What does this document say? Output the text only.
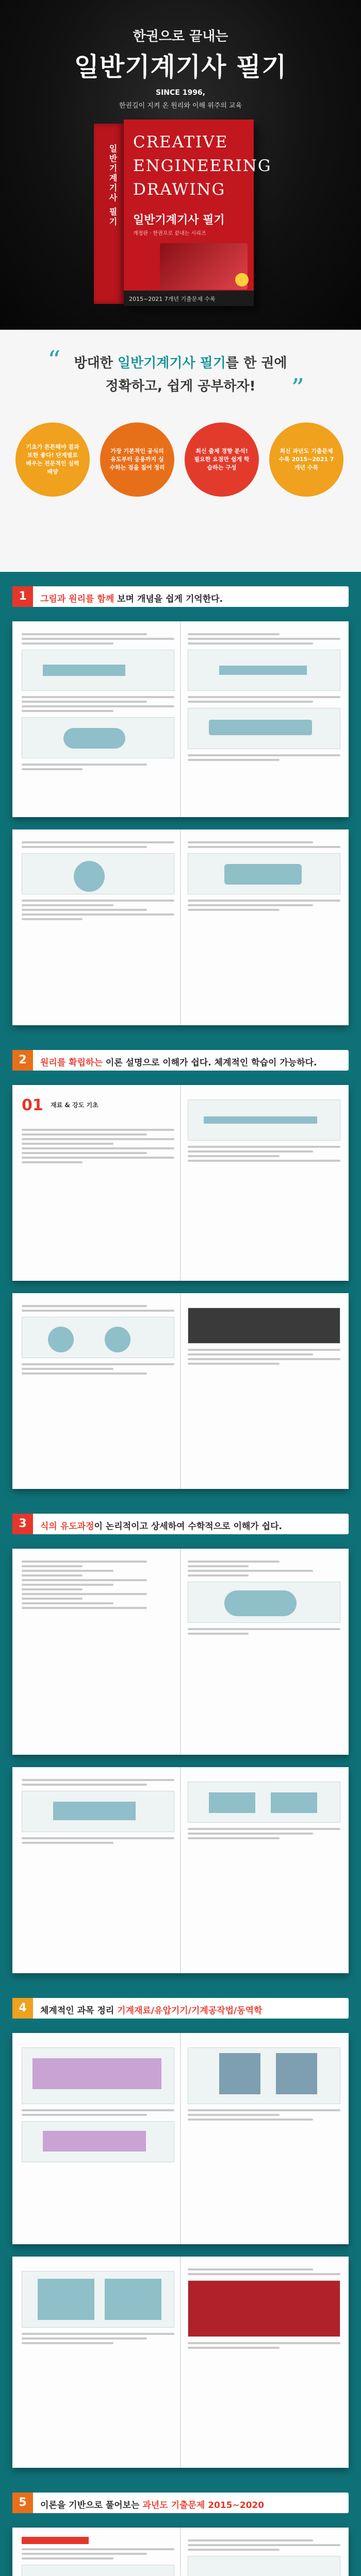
한권으로 끝내는
일반기계기사 필기
SINCE 1996,
한권길이 지켜 온 원리와 이해 위주의 교육
일반기계기사 필기
CREATIVE
ENGINEERING
DRAWING
일반기계기사 필기
개정판 · 한권으로 끝내는 시리즈
2015~2021 7개년 기출문제 수록
“
”
방대한 일반기계기사 필기를 한 권에
정확하고, 쉽게 공부하자!
기초가 튼튼해야 결과 또한 좋다! 단계별로 배우는 전문적인 실력배양
가장 기본적인 공식의 유도부터 응용까지 실수하는 점을 짚어 정리
최신 출제 경향 분석! 필요한 요점만 쉽게 학습하는 구성
최신 과년도 기출문제 수록 2015~2021 7개년 수록
1	그림과 원리를 함께 보며 개념을 쉽게 기억한다.
2	원리를 확립하는 이론 설명으로 이해가 쉽다. 체계적인 학습이 가능하다.
01 재료 & 강도 기초
3	식의 유도과정이 논리적이고 상세하여 수학적으로 이해가 쉽다.
4	체계적인 과목 정리 기계재료/유압기기/기계공작법/동역학
5	이론을 기반으로 풀어보는 과년도 기출문제 2015~2020
